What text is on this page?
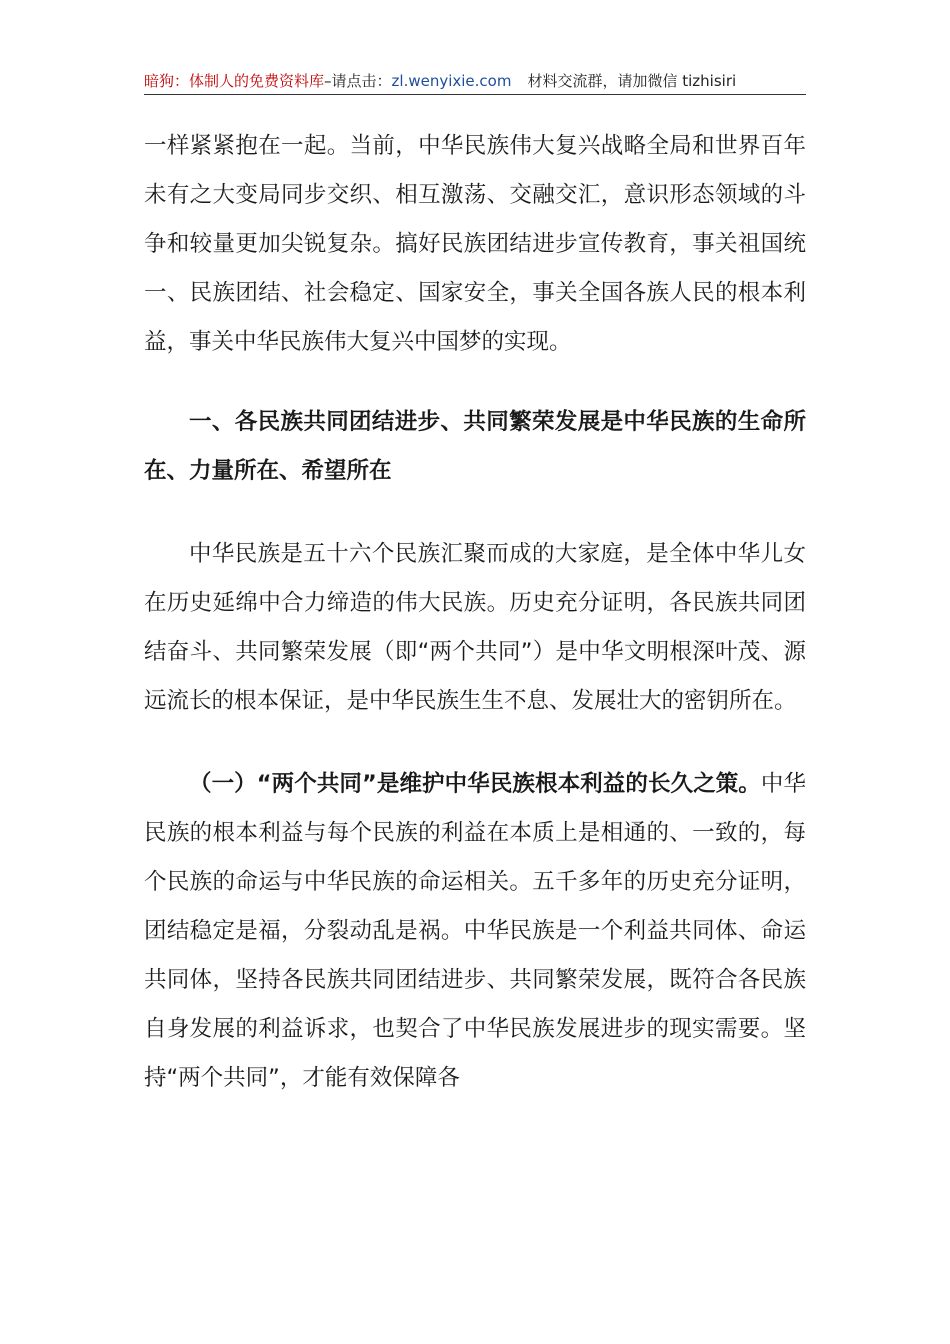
暗狗：体制人的免费资料库–请点击：zl.wenyixie.com 材料交流群，请加微信 tizhisiri

一样紧紧抱在一起。当前，中华民族伟大复兴战略全局和世界百年未有之大变局同步交织、相互激荡、交融交汇，意识形态领域的斗争和较量更加尖锐复杂。搞好民族团结进步宣传教育，事关祖国统一、民族团结、社会稳定、国家安全，事关全国各族人民的根本利益，事关中华民族伟大复兴中国梦的实现。

一、各民族共同团结进步、共同繁荣发展是中华民族的生命所在、力量所在、希望所在

中华民族是五十六个民族汇聚而成的大家庭，是全体中华儿女在历史延绵中合力缔造的伟大民族。历史充分证明，各民族共同团结奋斗、共同繁荣发展（即“两个共同”）是中华文明根深叶茂、源远流长的根本保证，是中华民族生生不息、发展壮大的密钥所在。

（一）“两个共同”是维护中华民族根本利益的长久之策。中华民族的根本利益与每个民族的利益在本质上是相通的、一致的，每个民族的命运与中华民族的命运相关。五千多年的历史充分证明，团结稳定是福，分裂动乱是祸。中华民族是一个利益共同体、命运共同体，坚持各民族共同团结进步、共同繁荣发展，既符合各民族自身发展的利益诉求，也契合了中华民族发展进步的现实需要。坚持“两个共同”，才能有效保障各
